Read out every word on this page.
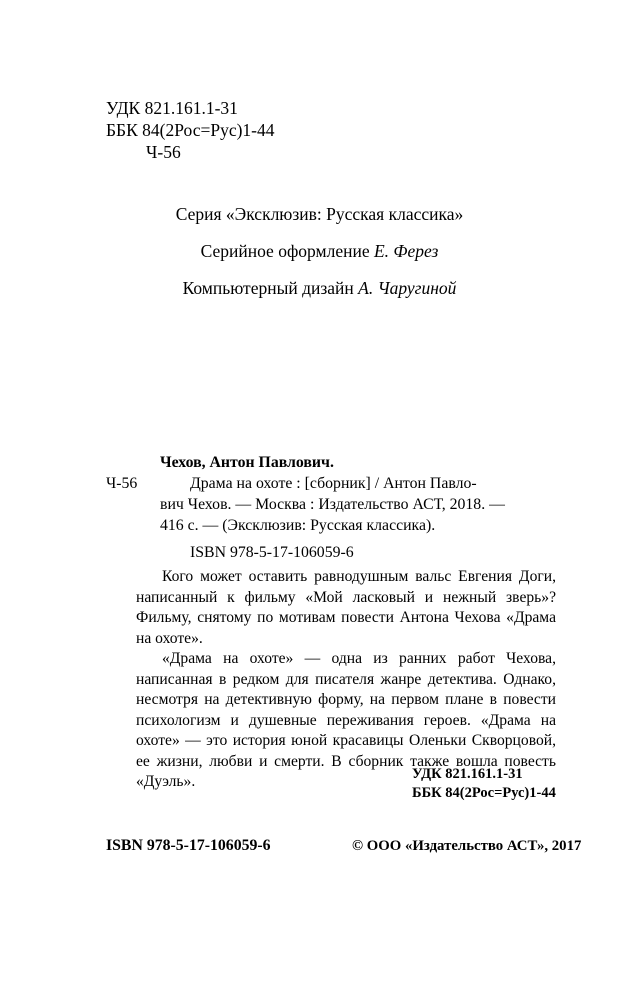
УДК 821.161.1-31
ББК 84(2Рос=Рус)1-44
Ч-56
Серия «Эксклюзив: Русская классика»
Серийное оформление Е. Ферез
Компьютерный дизайн А. Чаругиной
Чехов, Антон Павлович.
Ч-56	Драма на охоте : [сборник] / Антон Павло-
вич Чехов. — Москва : Издательство АСТ, 2018. —
416 с. — (Эксклюзив: Русская классика).
ISBN 978-5-17-106059-6

Кого может оставить равнодушным вальс Евгения Доги, написанный к фильму «Мой ласковый и нежный зверь»? Фильму, снятому по мотивам повести Антона Чехова «Драма на охоте».

«Драма на охоте» — одна из ранних работ Чехова, написанная в редком для писателя жанре детектива. Однако, несмотря на детективную форму, на первом плане в повести психологизм и душевные переживания героев. «Драма на охоте» — это история юной красавицы Оленьки Скворцовой, ее жизни, любви и смерти. В сборник также вошла повесть «Дуэль».	УДК 821.161.1-31
ББК 84(2Рос=Рус)1-44
ISBN 978-5-17-106059-6	© ООО «Издательство АСТ», 2017
